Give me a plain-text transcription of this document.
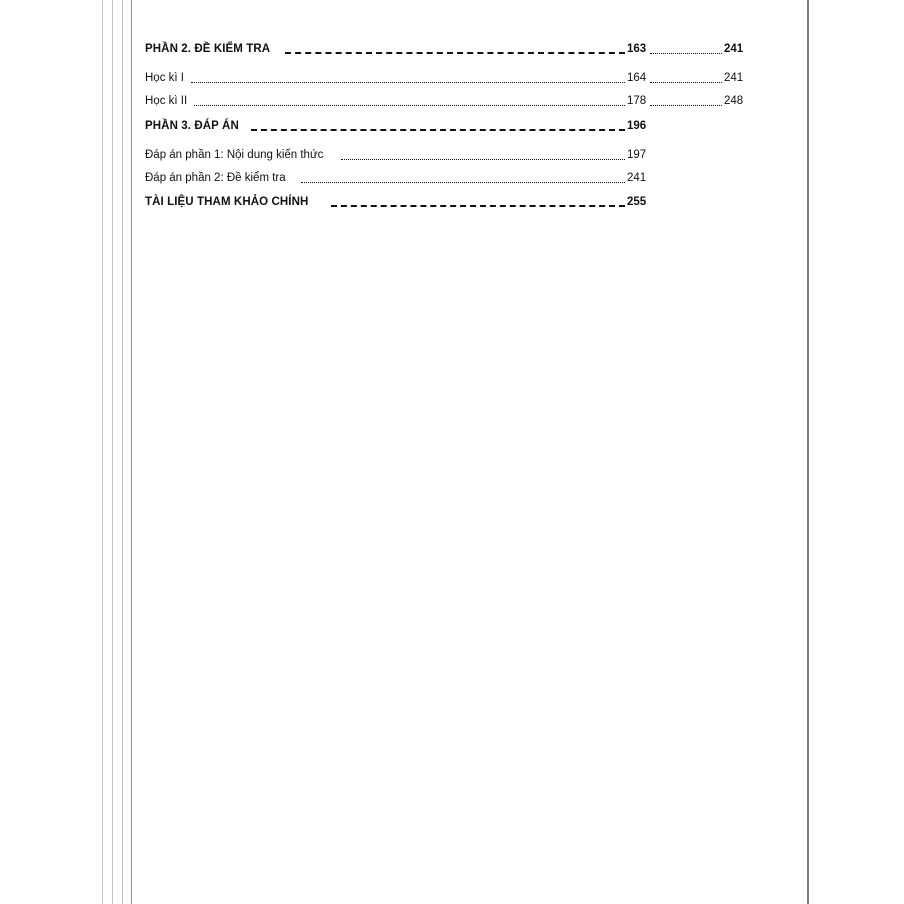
PHẦN 2. ĐỀ KIỂM TRA	163	241
Học kì I	164	241
Học kì II	178	248
PHẦN 3. ĐÁP ÁN	196
Đáp án phần 1: Nội dung kiến thức	197
Đáp án phần 2: Đề kiểm tra	241
TÀI LIỆU THAM KHẢO CHÍNH	255
